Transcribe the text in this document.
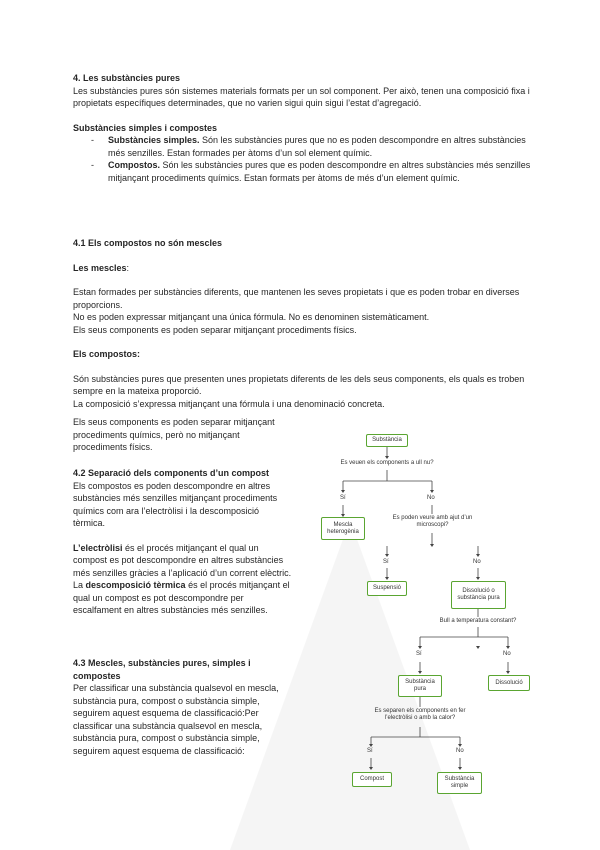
4. Les substàncies pures

Les substàncies pures són sistemes materials formats per un sol component. Per això, tenen una composició fixa i propietats específiques determinades, que no varien sigui quin sigui l’estat d’agregació.

Substàncies simples i compostes

- Substàncies simples. Són les substàncies pures que no es poden descompondre en altres substàncies més senzilles. Estan formades per àtoms d’un sol element químic.
- Compostos. Són les substàncies pures que es poden descompondre en altres substàncies més senzilles mitjançant procediments químics. Estan formats per àtoms de més d’un element químic.

4.1 Els compostos no són mescles

Les mescles:

Estan formades per substàncies diferents, que mantenen les seves propietats i que es poden trobar en diverses proporcions.

No es poden expressar mitjançant una única fórmula. No es denominen sistemàticament.

Els seus components es poden separar mitjançant procediments físics.

Els compostos:

Són substàncies pures que presenten unes propietats diferents de les dels seus components, els quals es troben sempre en la mateixa proporció.

La composició s’expressa mitjançant una fórmula i una denominació concreta.

Els seus components es poden separar mitjançant procediments químics, però no mitjançant procediments físics.

4.2 Separació dels components d’un compost

Els compostos es poden descompondre en altres substàncies més senzilles mitjançant procediments químics com ara l’electròlisi i la descomposició tèrmica.

L’electròlisi és el procés mitjançant el qual un compost es pot descompondre en altres substàncies més senzilles gràcies a l’aplicació d’un corrent elèctric.

La descomposició tèrmica és el procés mitjançant el qual un compost es pot descompondre per escalfament en altres substàncies més senzilles.

4.3 Mescles, substàncies pures, simples i compostes

Per classificar una substància qualsevol en mescla, substància pura, compost o substància simple, seguirem aquest esquema de classificació:Per classificar una substància qualsevol en mescla, substància pura, compost o substància simple, seguirem aquest esquema de classificació:

Substància
Es veuen els components a ull nu?
Sí	No
Mescla heterogènia
Es poden veure amb ajut d’un microscopi?
Sí	No
Suspensió	Dissolució o substància pura
Bull a temperatura constant?
Sí	No
Substància pura
Dissolució
Es separen els components en fer l’electròlisi o amb la calor?
Sí	No
Compost	Substància simple
